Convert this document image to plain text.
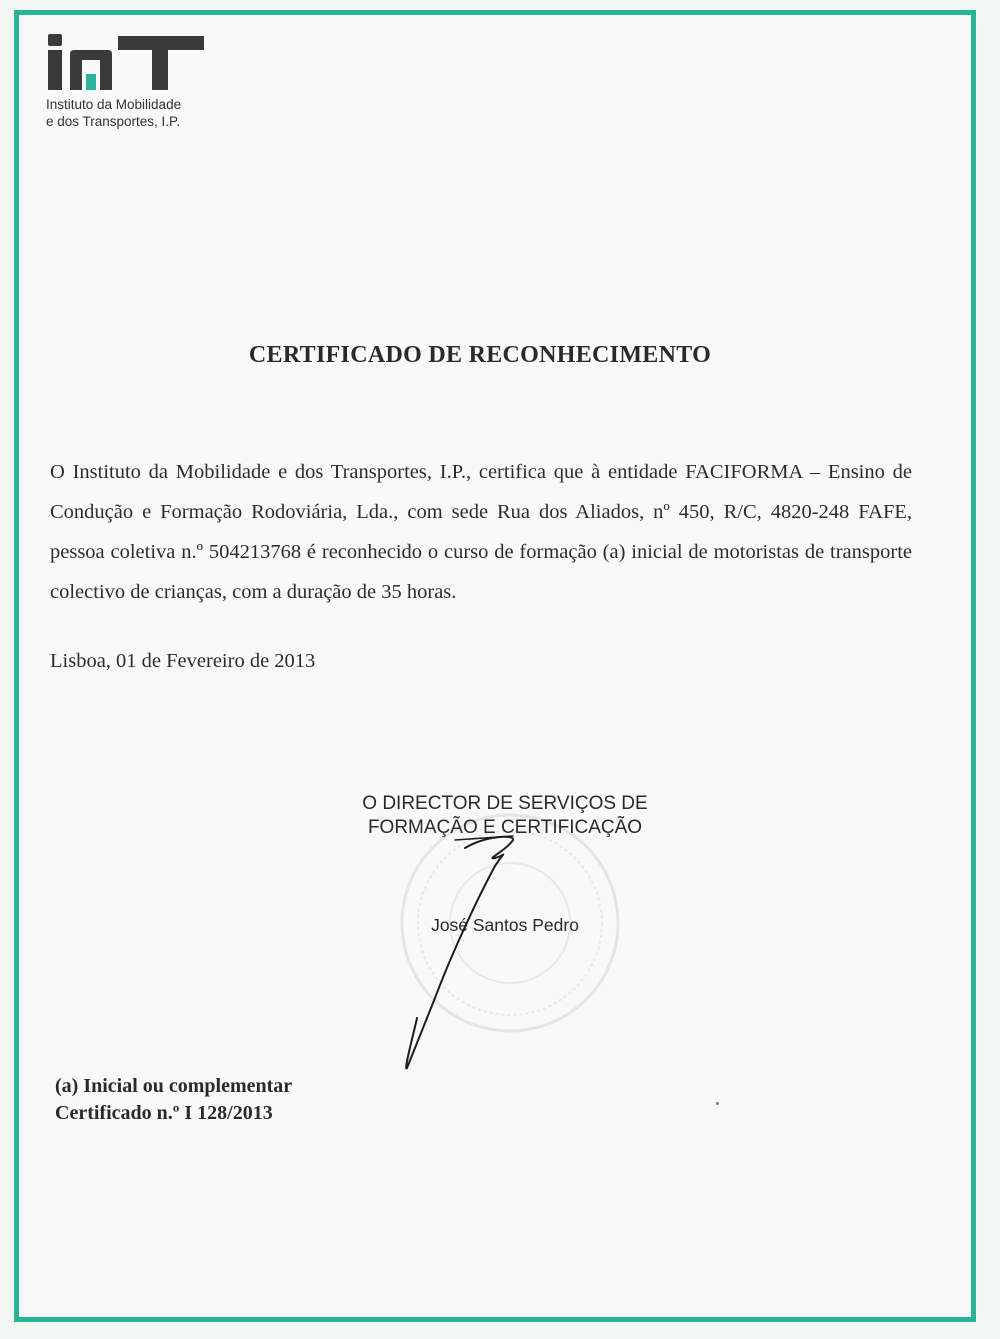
Instituto da Mobilidade
e dos Transportes, I.P.
CERTIFICADO DE RECONHECIMENTO
O Instituto da Mobilidade e dos Transportes, I.P., certifica que à entidade FACIFORMA – Ensino de Condução e Formação Rodoviária, Lda., com sede Rua dos Aliados, nº 450, R/C, 4820-248 FAFE, pessoa coletiva n.º 504213768 é reconhecido o curso de formação (a) inicial de motoristas de transporte colectivo de crianças, com a duração de 35 horas.
Lisboa, 01 de Fevereiro de 2013
O DIRECTOR DE SERVIÇOS DE
FORMAÇÃO E CERTIFICAÇÃO
José Santos Pedro
(a) Inicial ou complementar
Certificado n.º I 128/2013
